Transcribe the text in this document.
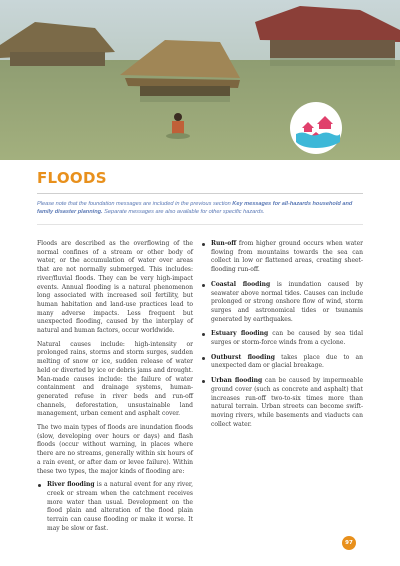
FLOODS
Please note that the foundation messages are included in the previous section Key messages for all-hazards household and family disaster planning. Separate messages are also available for other specific hazards.

Floods are described as the overflowing of the normal confines of a stream or other body of water, or the accumulation of water over areas that are not normally submerged. This includes: river/fluvial floods. They can be very high-impact events. Annual flooding is a natural phenomenon long associated with increased soil fertility, but human habitation and land-use practices lead to many adverse impacts. Less frequent but unexpected flooding, caused by the interplay of natural and human factors, occur worldwide.

Natural causes include: high-intensity or prolonged rains, storms and storm surges, sudden melting of snow or ice, sudden release of water held or diverted by ice or debris jams and drought. Man-made causes include: the failure of water containment and drainage systems, human-generated refuse in river beds and run-off channels, deforestation, unsustainable land management, urban cement and asphalt cover.

The two main types of floods are inundation floods (slow, developing over hours or days) and flash floods (occur without warning, in places where there are no streams, generally within six hours of a rain event, or after dam or levee failure). Within these two types, the major kinds of flooding are:

River flooding is a natural event for any river, creek or stream when the catchment receives more water than usual. Development on the flood plain and alteration of the flood plain terrain can cause flooding or make it worse. It may be slow or fast.
Run-off from higher ground occurs when water flowing from mountains towards the sea can collect in low or flattened areas, creating sheet-flooding run-off.
Coastal flooding is inundation caused by seawater above normal tides. Causes can include prolonged or strong onshore flow of wind, storm surges and astronomical tides or tsunamis generated by earthquakes.
Estuary flooding can be caused by sea tidal surges or storm-force winds from a cyclone.
Outburst flooding takes place due to an unexpected dam or glacial breakage.
Urban flooding can be caused by impermeable ground cover (such as concrete and asphalt) that increases run-off two-to-six times more than natural terrain. Urban streets can become swift-moving rivers, while basements and viaducts can collect water.
97
